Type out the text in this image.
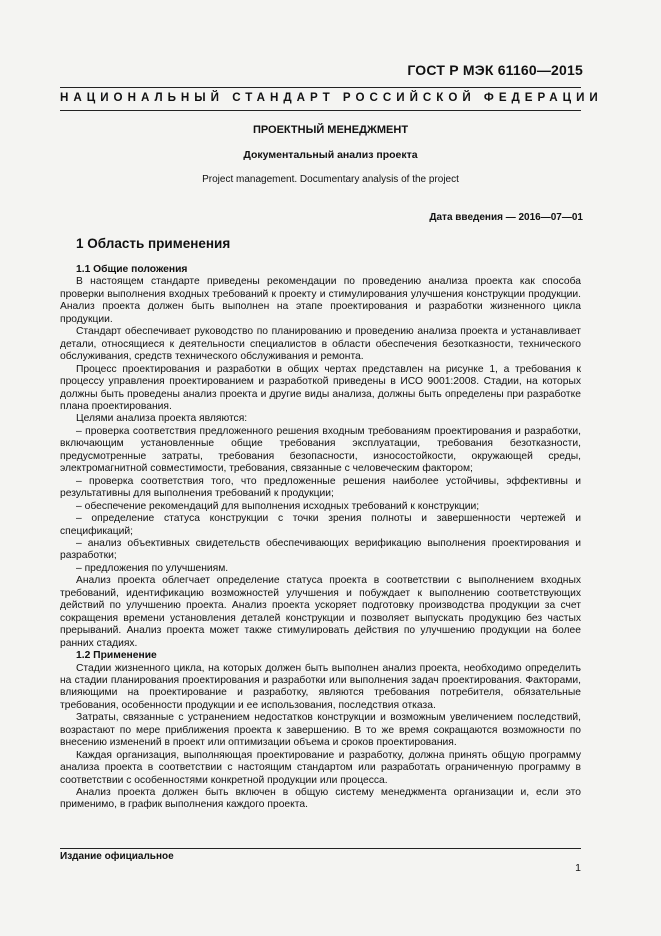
ГОСТ Р МЭК 61160—2015
НАЦИОНАЛЬНЫЙ СТАНДАРТ РОССИЙСКОЙ ФЕДЕРАЦИИ
ПРОЕКТНЫЙ МЕНЕДЖМЕНТ
Документальный анализ проекта
Project management. Documentary analysis of the project
Дата введения — 2016—07—01
1 Область применения

1.1 Общие положения

В настоящем стандарте приведены рекомендации по проведению анализа проекта как способа проверки выполнения входных требований к проекту и стимулирования улучшения конструкции продукции. Анализ проекта должен быть выполнен на этапе проектирования и разработки жизненного цикла продукции.

Стандарт обеспечивает руководство по планированию и проведению анализа проекта и устанавливает детали, относящиеся к деятельности специалистов в области обеспечения безотказности, технического обслуживания, средств технического обслуживания и ремонта.

Процесс проектирования и разработки в общих чертах представлен на рисунке 1, а требования к процессу управления проектированием и разработкой приведены в ИСО 9001:2008. Стадии, на которых должны быть проведены анализ проекта и другие виды анализа, должны быть определены при разработке плана проектирования.

Целями анализа проекта являются:

– проверка соответствия предложенного решения входным требованиям проектирования и разработки, включающим установленные общие требования эксплуатации, требования безотказности, предусмотренные затраты, требования безопасности, износостойкости, окружающей среды, электромагнитной совместимости, требования, связанные с человеческим фактором;

– проверка соответствия того, что предложенные решения наиболее устойчивы, эффективны и результативны для выполнения требований к продукции;

– обеспечение рекомендаций для выполнения исходных требований к конструкции;

– определение статуса конструкции с точки зрения полноты и завершенности чертежей и спецификаций;

– анализ объективных свидетельств обеспечивающих верификацию выполнения проектирования и разработки;

– предложения по улучшениям.

Анализ проекта облегчает определение статуса проекта в соответствии с выполнением входных требований, идентификацию возможностей улучшения и побуждает к выполнению соответствующих действий по улучшению проекта. Анализ проекта ускоряет подготовку производства продукции за счет сокращения времени установления деталей конструкции и позволяет выпускать продукцию без частых прерываний. Анализ проекта может также стимулировать действия по улучшению продукции на более ранних стадиях.

1.2 Применение

Стадии жизненного цикла, на которых должен быть выполнен анализ проекта, необходимо определить на стадии планирования проектирования и разработки или выполнения задач проектирования. Факторами, влияющими на проектирование и разработку, являются требования потребителя, обязательные требования, особенности продукции и ее использования, последствия отказа.

Затраты, связанные с устранением недостатков конструкции и возможным увеличением последствий, возрастают по мере приближения проекта к завершению. В то же время сокращаются возможности по внесению изменений в проект или оптимизации объема и сроков проектирования.

Каждая организация, выполняющая проектирование и разработку, должна принять общую программу анализа проекта в соответствии с настоящим стандартом или разработать ограниченную программу в соответствии с особенностями конкретной продукции или процесса.

Анализ проекта должен быть включен в общую систему менеджмента организации и, если это применимо, в график выполнения каждого проекта.

Издание официальное
1
